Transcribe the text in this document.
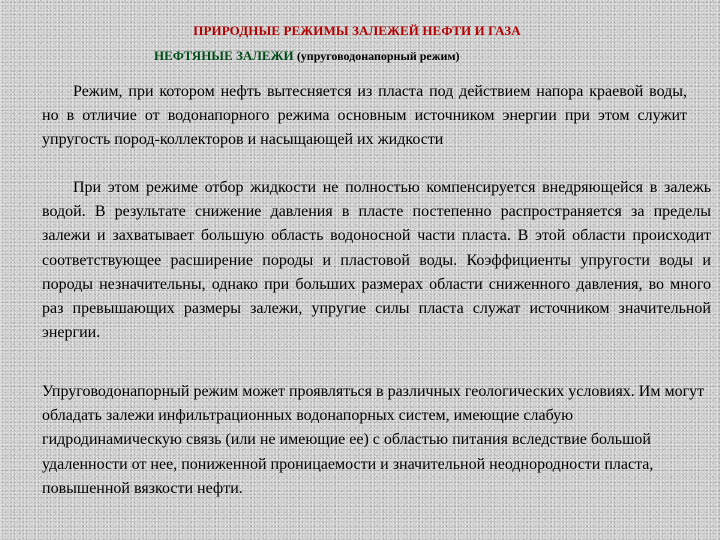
ПРИРОДНЫЕ РЕЖИМЫ ЗАЛЕЖЕЙ НЕФТИ И ГАЗА
НЕФТЯНЫЕ ЗАЛЕЖИ (упруговодонапорный режим)

Режим, при котором нефть вытесняется из пласта под действием напора краевой воды, но в отличие от водонапорного режима основным источником энергии при этом служит упругость пород-коллекторов и насыщающей их жидкости

При этом режиме отбор жидкости не полностью компенсируется внедряющейся в залежь водой. В результате снижение давления в пласте постепенно распространяется за пределы залежи и захватывает большую область водоносной части пласта. В этой области происходит соответствующее расширение породы и пластовой воды. Коэффициенты упругости воды и породы незначительны, однако при больших размерах области сниженного давления, во много раз превышающих размеры залежи, упругие силы пласта служат источником значительной энергии.

Упруговодонапорный режим может проявляться в различных геологических условиях. Им могут обладать залежи инфильтрационных водонапорных систем, имеющие слабую гидродинамическую связь (или не имеющие ее) с областью питания вследствие большой удаленности от нее, пониженной проницаемости и значительной неоднородности пласта, повышенной вязкости нефти.
